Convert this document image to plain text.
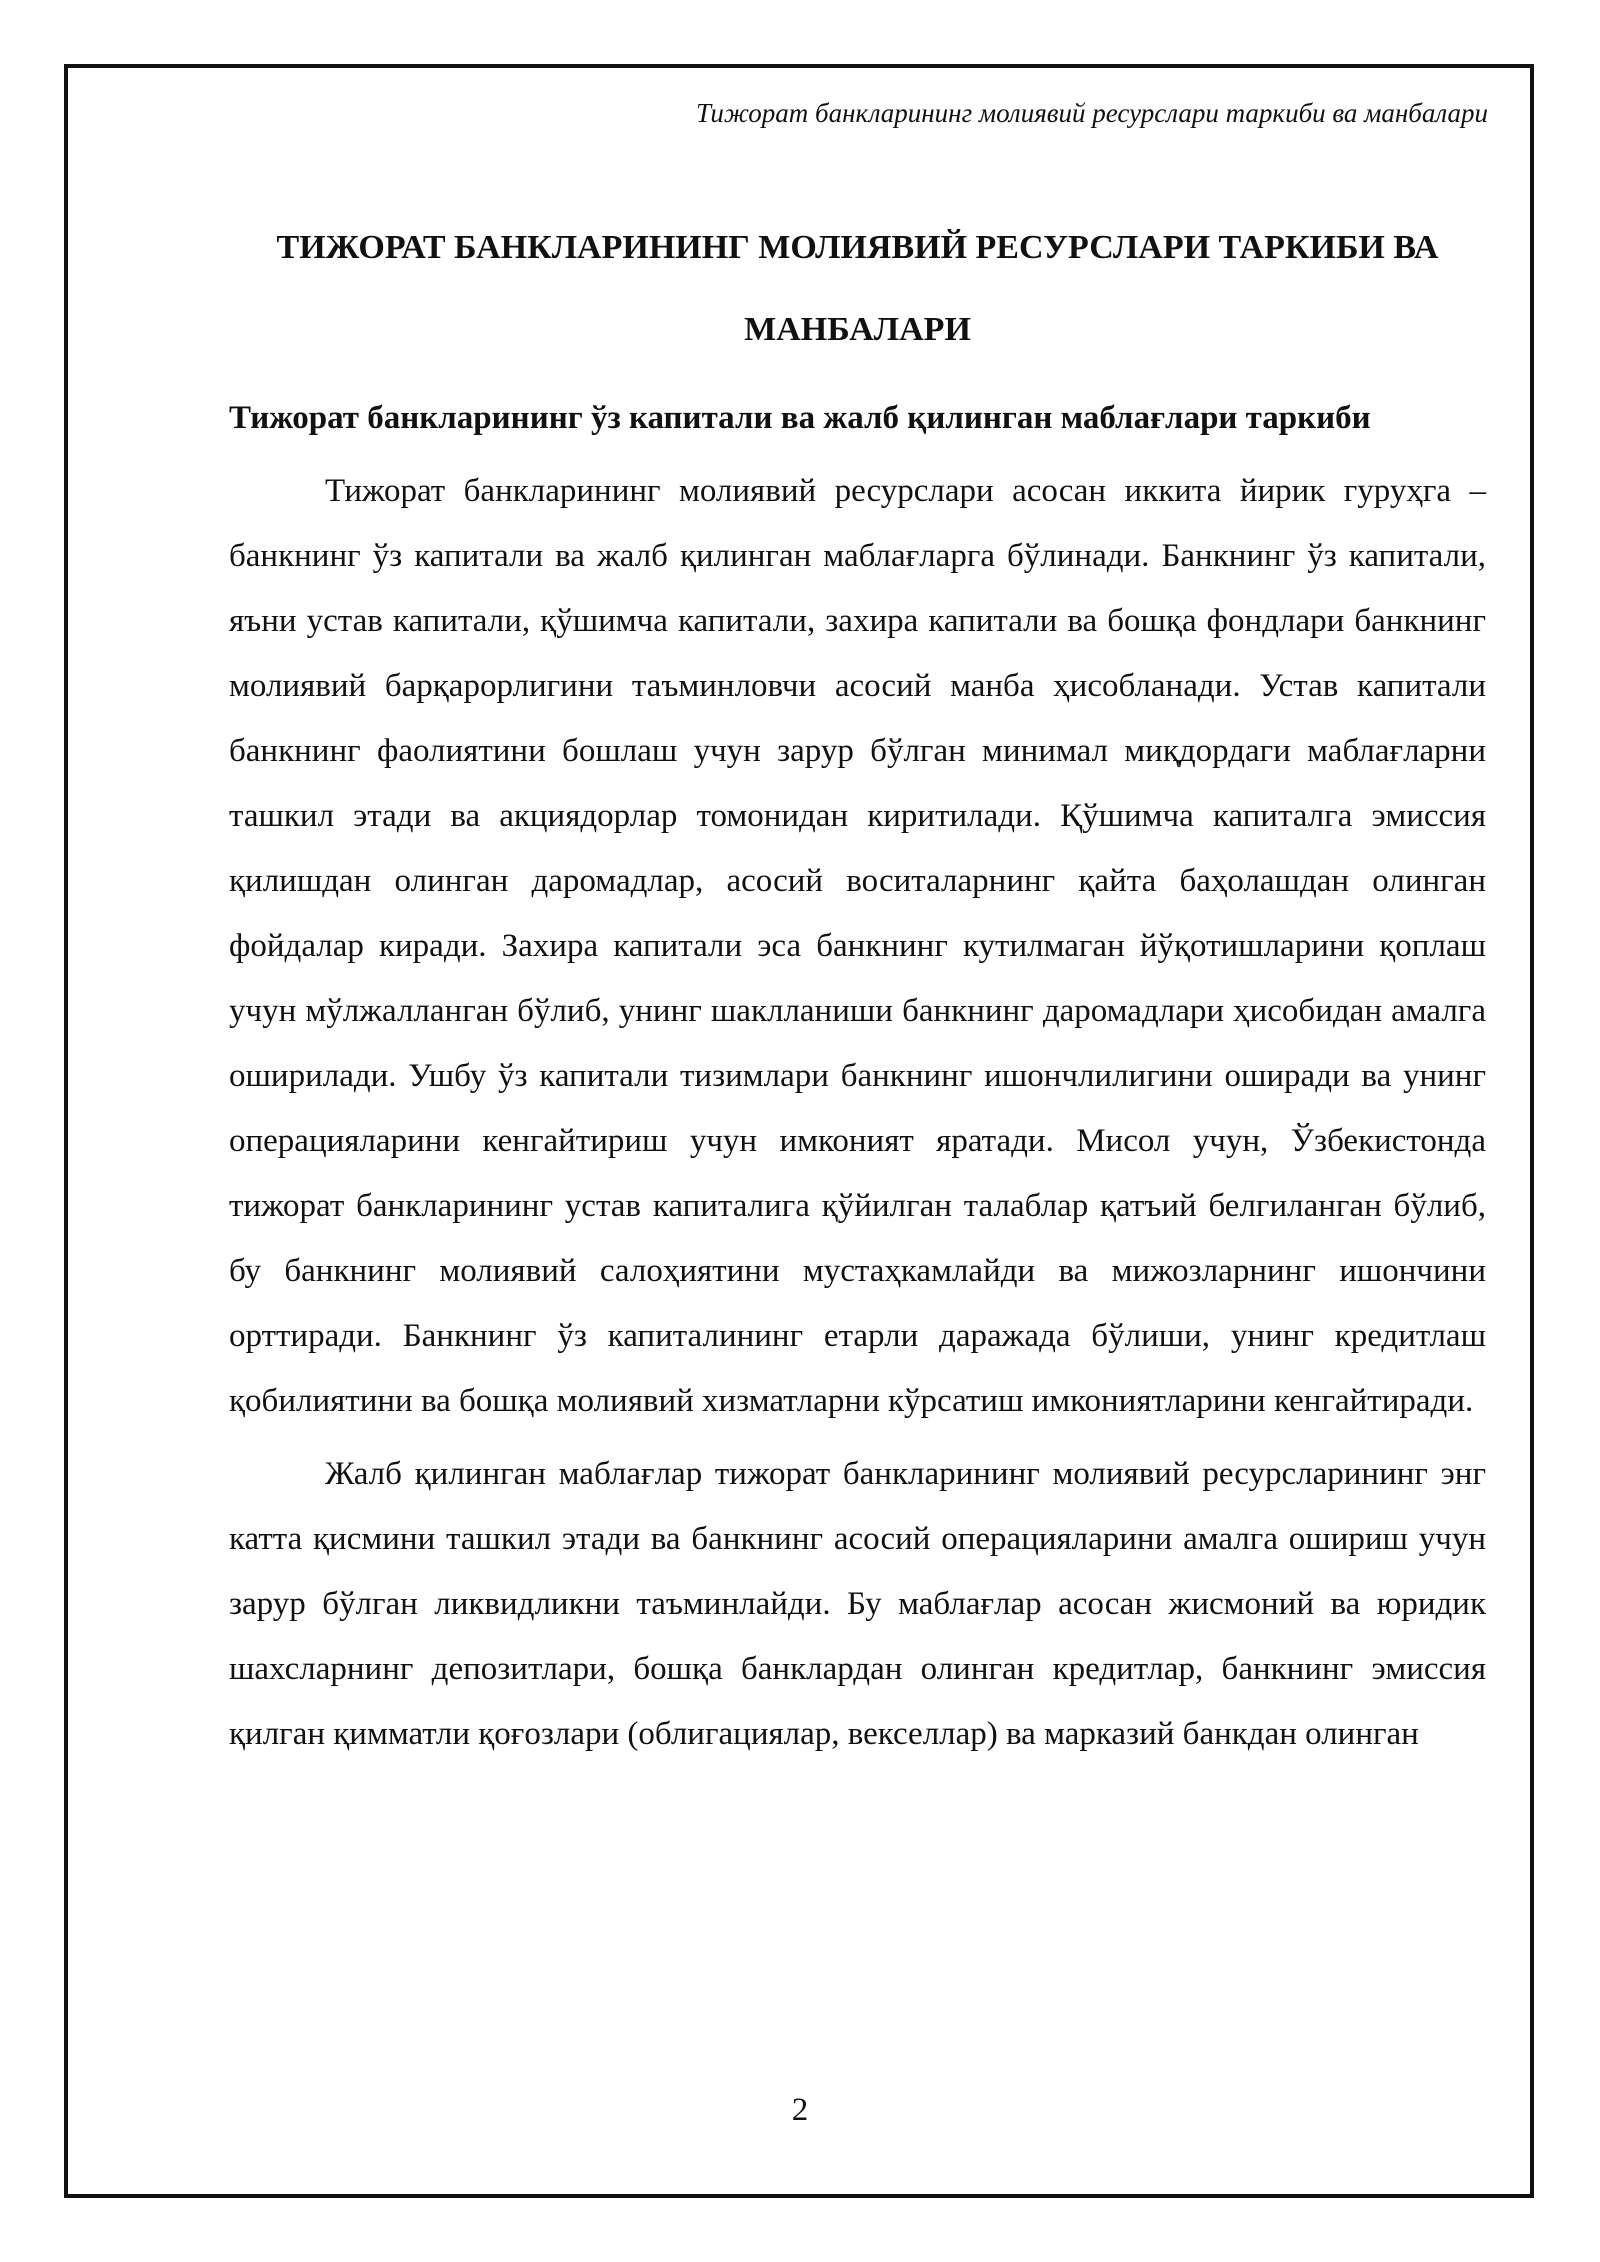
Тижорат банкларининг молиявий ресурслари таркиби ва манбалари
ТИЖОРАТ БАНКЛАРИНИНГ МОЛИЯВИЙ РЕСУРСЛАРИ ТАРКИБИ ВА МАНБАЛАРИ
Тижорат банкларининг ўз капитали ва жалб қилинган маблағлари таркиби

Тижорат банкларининг молиявий ресурслари асосан иккита йирик гуруҳга – банкнинг ўз капитали ва жалб қилинган маблағларга бўлинади. Банкнинг ўз капитали, яъни устав капитали, қўшимча капитали, захира капитали ва бошқа фондлари банкнинг молиявий барқарорлигини таъминловчи асосий манба ҳисобланади. Устав капитали банкнинг фаолиятини бошлаш учун зарур бўлган минимал миқдордаги маблағларни ташкил этади ва акциядорлар томонидан киритилади. Қўшимча капиталга эмиссия қилишдан олинган даромадлар, асосий воситаларнинг қайта баҳолашдан олинган фойдалар киради. Захира капитали эса банкнинг кутилмаган йўқотишларини қоплаш учун мўлжалланган бўлиб, унинг шаклланиши банкнинг даромадлари ҳисобидан амалга оширилади. Ушбу ўз капитали тизимлари банкнинг ишончлилигини оширади ва унинг операцияларини кенгайтириш учун имконият яратади. Мисол учун, Ўзбекистонда тижорат банкларининг устав капиталига қўйилган талаблар қатъий белгиланган бўлиб, бу банкнинг молиявий салоҳиятини мустаҳкамлайди ва мижозларнинг ишончини орттиради. Банкнинг ўз капиталининг етарли даражада бўлиши, унинг кредитлаш қобилиятини ва бошқа молиявий хизматларни кўрсатиш имкониятларини кенгайтиради.

Жалб қилинган маблағлар тижорат банкларининг молиявий ресурсларининг энг катта қисмини ташкил этади ва банкнинг асосий операцияларини амалга ошириш учун зарур бўлган ликвидликни таъминлайди. Бу маблағлар асосан жисмоний ва юридик шахсларнинг депозитлари, бошқа банклардан олинган кредитлар, банкнинг эмиссия қилган қимматли қоғозлари (облигациялар, векселлар) ва марказий банкдан олинган

2
